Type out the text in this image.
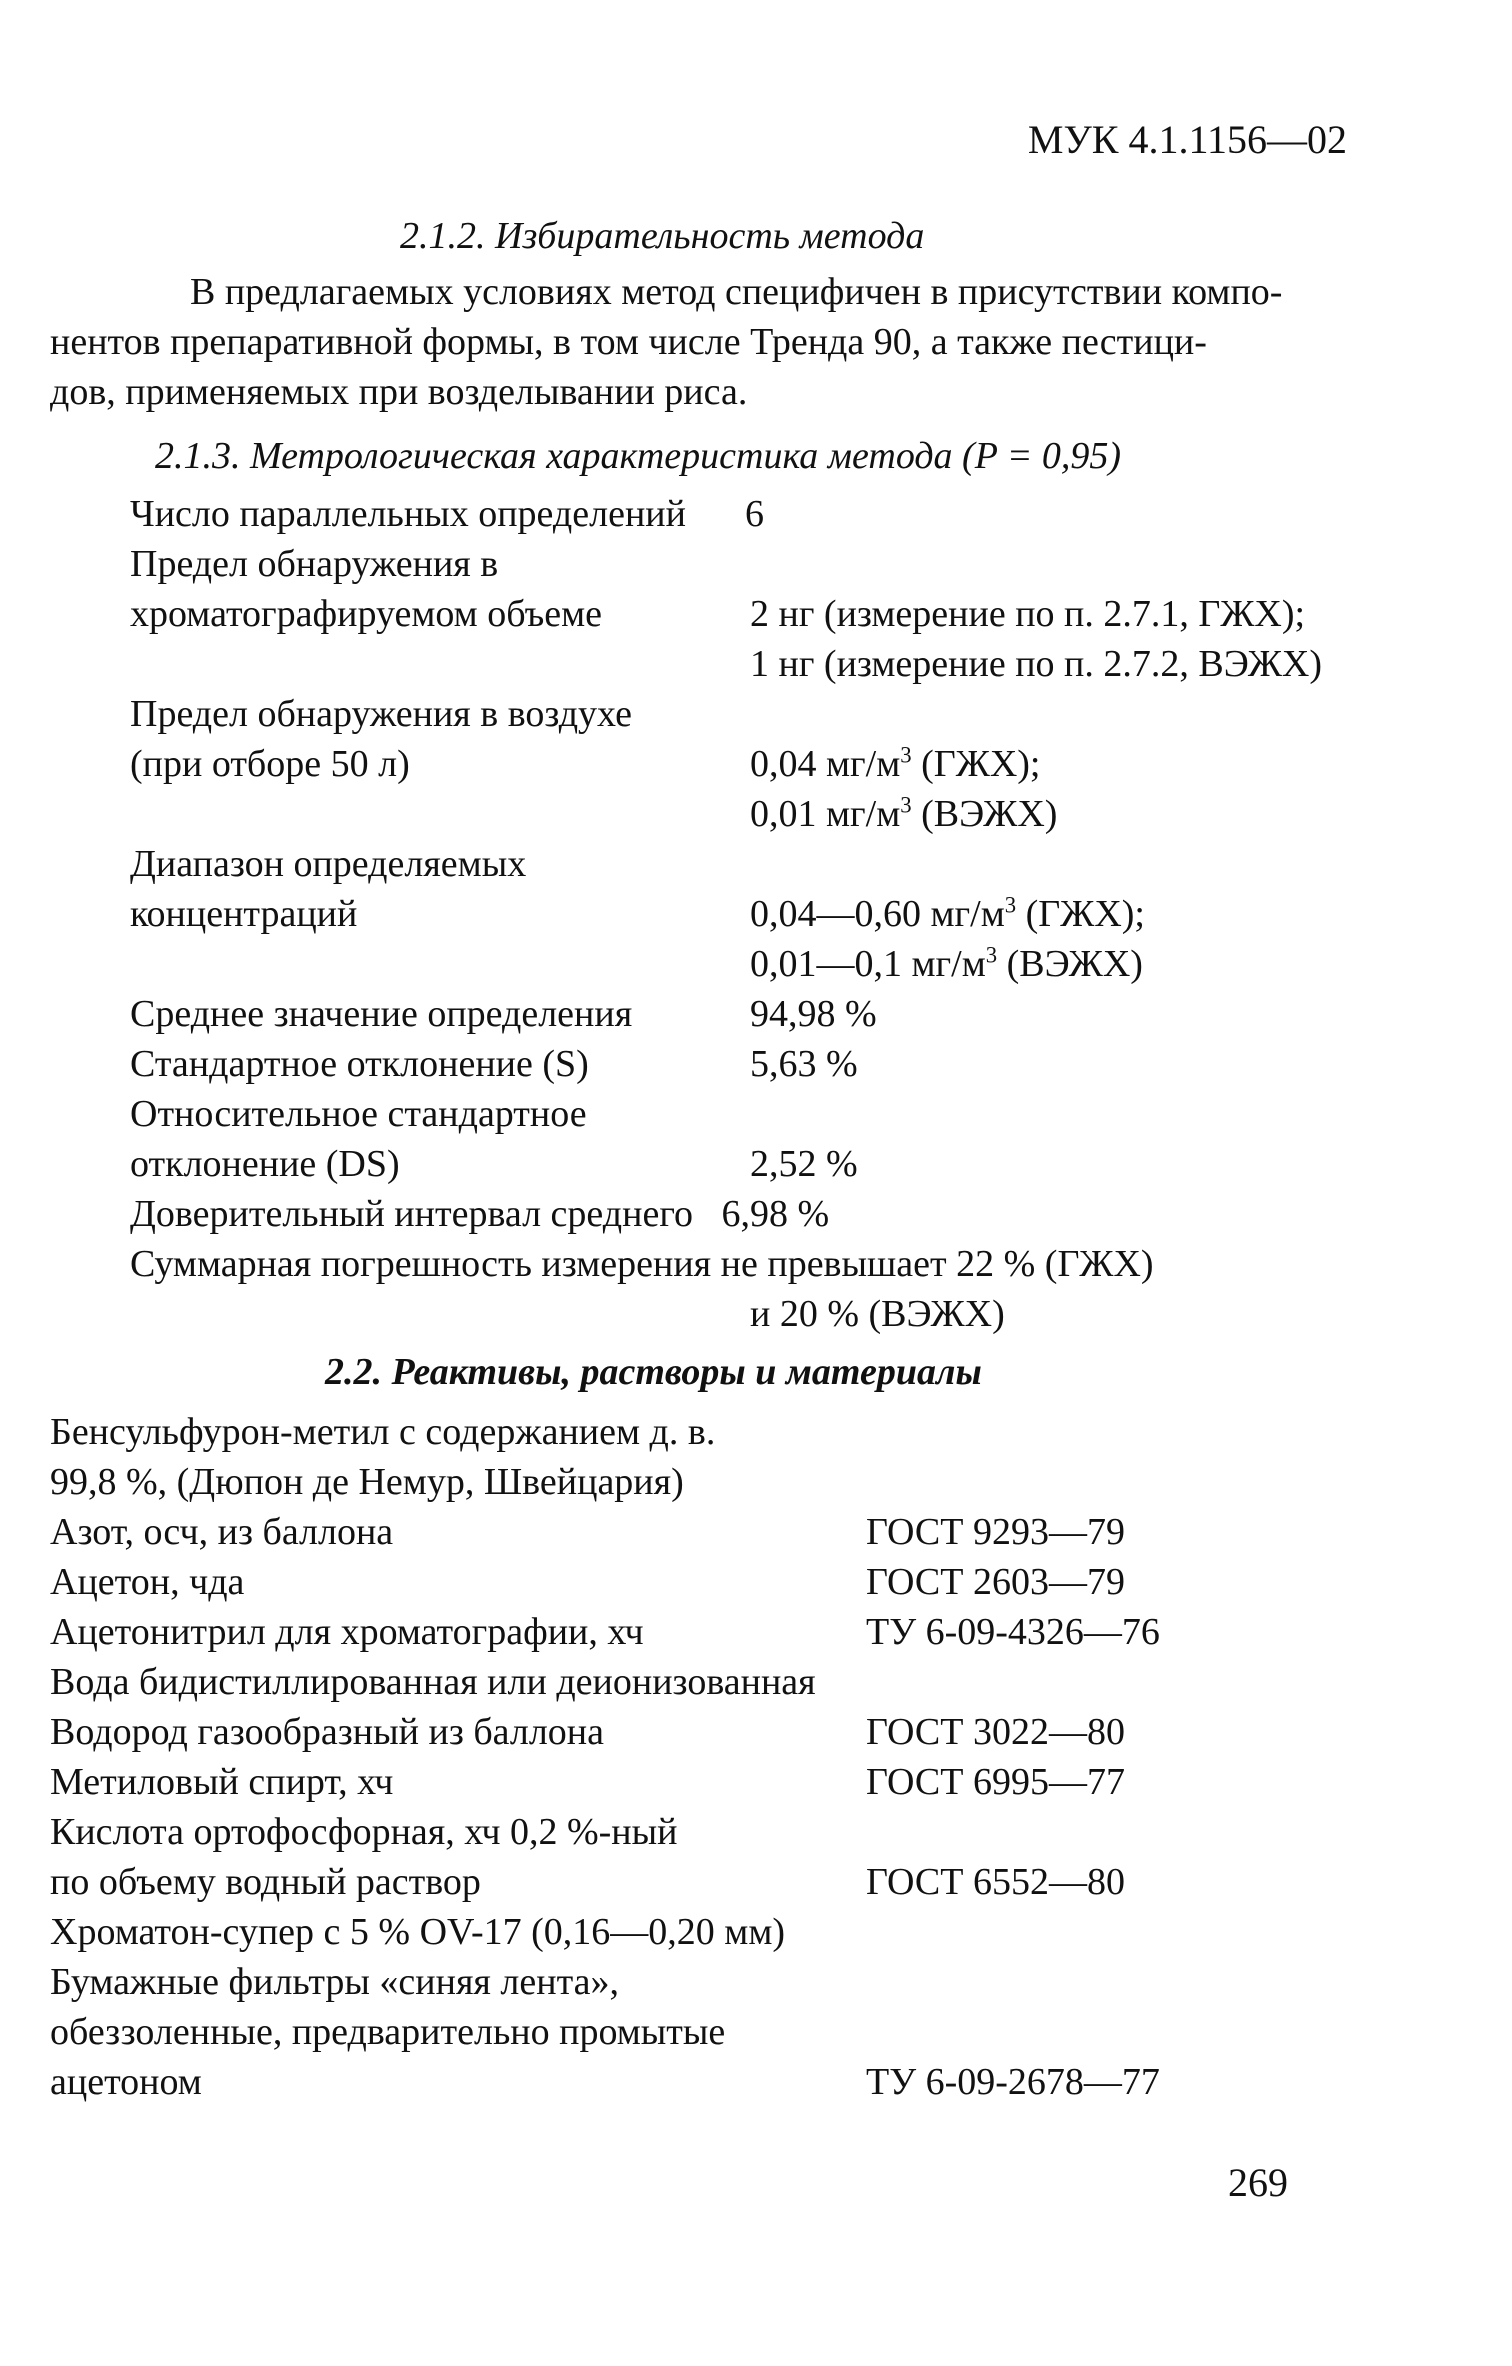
МУК 4.1.1156—02
2.1.2. Избирательность метода
В предлагаемых условиях метод специфичен в присутствии компо-
нентов препаративной формы, в том числе Тренда 90, а также пестици-
дов, применяемых при возделывании риса.
2.1.3. Метрологическая характеристика метода (P = 0,95)
Число параллельных определений 6
Предел обнаружения в
хроматографируемом объеме	2 нг (измерение по п. 2.7.1, ГЖХ);
1 нг (измерение по п. 2.7.2, ВЭЖХ)
Предел обнаружения в воздухе
(при отборе 50 л)	0,04 $мг/м^3$ (ГЖХ);
0,01 $мг/м^3$ (ВЭЖХ)
Диапазон определяемых
концентраций	0,04—0,60 $мг/м^3$ (ГЖХ);
0,01—0,1 $мг/м^3$ (ВЭЖХ)
Среднее значение определения	94,98 %
Стандартное отклонение (S)	5,63 %
Относительное стандартное
отклонение (DS)	2,52 %
Доверительный интервал среднего   6,98 %
Суммарная погрешность измерения не превышает 22 % (ГЖХ)
и 20 % (ВЭЖХ)
2.2. Реактивы, растворы и материалы
Бенсульфурон-метил с содержанием д. в.
99,8 %, (Дюпон де Немур, Швейцария)
Азот, осч, из баллона	ГОСТ 9293—79
Ацетон, чда	ГОСТ 2603—79
Ацетонитрил для хроматографии, хч	ТУ 6-09-4326—76
Вода бидистиллированная или деионизованная
Водород газообразный из баллона	ГОСТ 3022—80
Метиловый спирт, хч	ГОСТ 6995—77
Кислота ортофосфорная, хч 0,2 %-ный
по объему водный раствор	ГОСТ 6552—80
Хроматон-супер с 5 % OV-17 (0,16—0,20 мм)
Бумажные фильтры «синяя лента»,
обеззоленные, предварительно промытые
ацетоном	ТУ 6-09-2678—77
269
